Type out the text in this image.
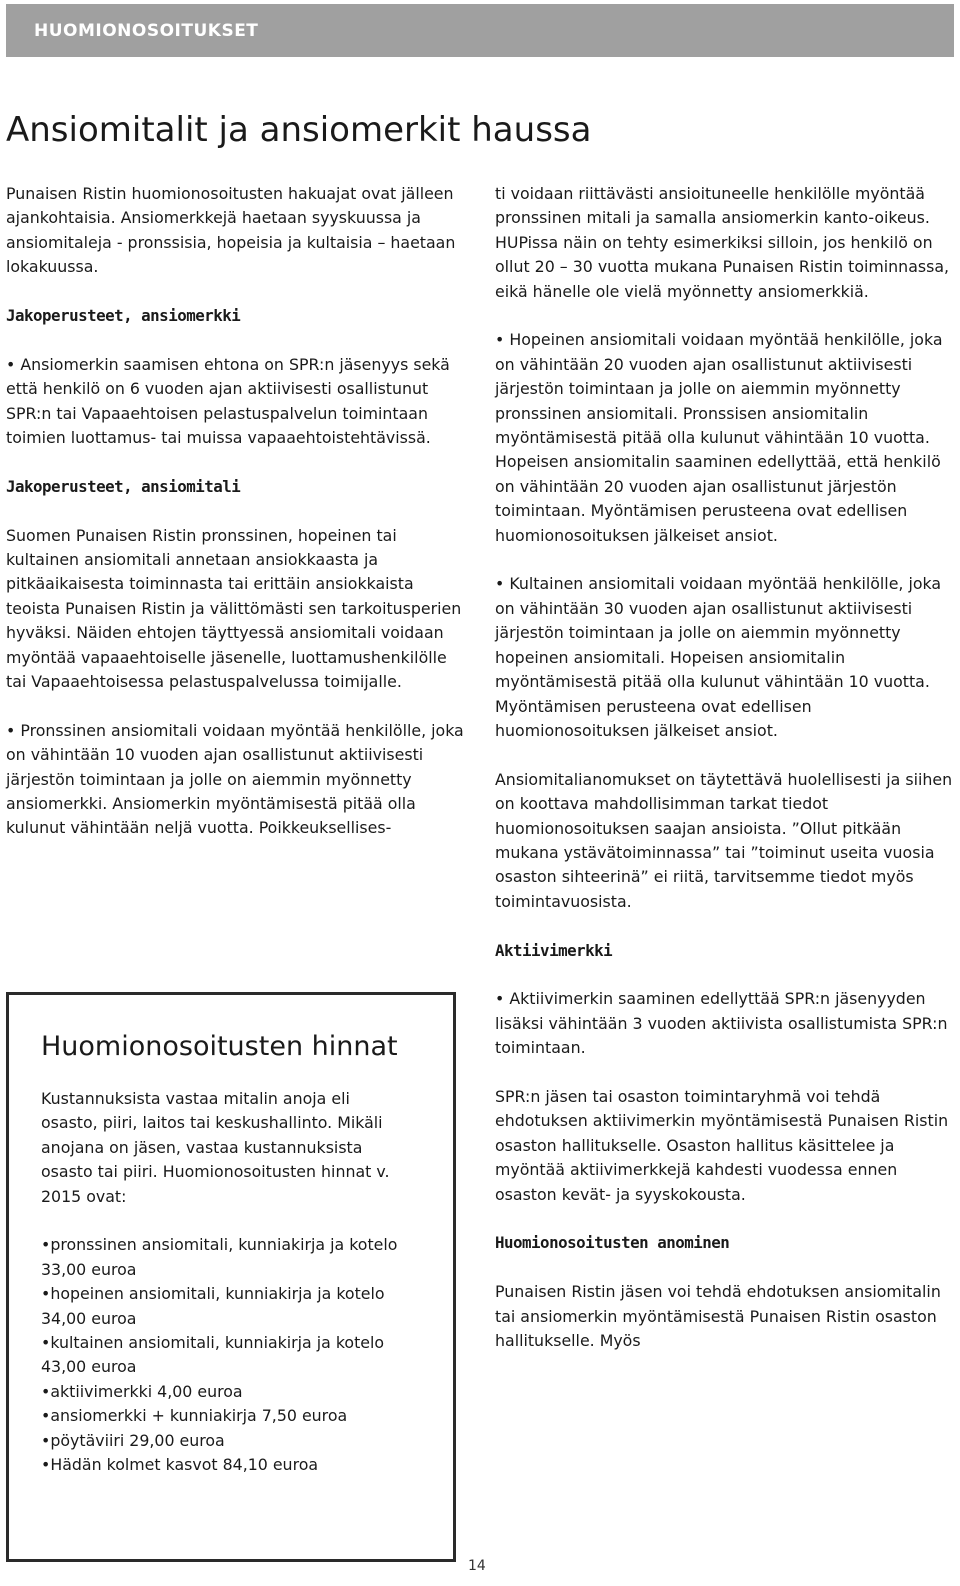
HUOMIONOSOITUKSET
Ansiomitalit ja ansiomerkit haussa

Punaisen Ristin huomionosoitusten hakuajat ovat jälleen ajankohtaisia. Ansiomerkkejä haetaan syyskuussa ja ansiomitaleja - pronssisia, hopeisia ja kultaisia – haetaan lokakuussa.

Jakoperusteet, ansiomerkki

• Ansiomerkin saamisen ehtona on SPR:n jäsenyys sekä että henkilö on 6 vuoden ajan aktiivisesti osallistunut SPR:n tai Vapaaehtoisen pelastuspalvelun toimintaan toimien luottamus- tai muissa vapaaehtoistehtävissä.

Jakoperusteet, ansiomitali

Suomen Punaisen Ristin pronssinen, hopeinen tai kultainen ansiomitali annetaan ansiokkaasta ja pitkäaikaisesta toiminnasta tai erittäin ansiokkaista teoista Punaisen Ristin ja välittömästi sen tarkoitusperien hyväksi. Näiden ehtojen täyttyessä ansiomitali voidaan myöntää vapaaehtoiselle jäsenelle, luottamushenkilölle tai Vapaaehtoisessa pelastuspalvelussa toimijalle.

• Pronssinen ansiomitali voidaan myöntää henkilölle, joka on vähintään 10 vuoden ajan osallistunut aktiivisesti järjestön toimintaan ja jolle on aiemmin myönnetty ansiomerkki. Ansiomerkin myöntämisestä pitää olla kulunut vähintään neljä vuotta. Poikkeuksellises-

Huomionosoitusten hinnat

Kustannuksista vastaa mitalin anoja eli osasto, piiri, laitos tai keskushallinto. Mikäli anojana on jäsen, vastaa kustannuksista osasto tai piiri. Huomionosoitusten hinnat v. 2015 ovat:

• pronssinen ansiomitali, kunniakirja ja kotelo 33,00 euroa
• hopeinen ansiomitali, kunniakirja ja kotelo 34,00 euroa
• kultainen ansiomitali, kunniakirja ja kotelo 43,00 euroa
• aktiivimerkki 4,00 euroa
• ansiomerkki + kunniakirja 7,50 euroa
• pöytäviiri 29,00 euroa
• Hädän kolmet kasvot 84,10 euroa

ti voidaan riittävästi ansioituneelle henkilölle myöntää pronssinen mitali ja samalla ansiomerkin kanto-oikeus. HUPissa näin on tehty esimerkiksi silloin, jos henkilö on ollut 20 – 30 vuotta mukana Punaisen Ristin toiminnassa, eikä hänelle ole vielä myönnetty ansiomerkkiä.

• Hopeinen ansiomitali voidaan myöntää henkilölle, joka on vähintään 20 vuoden ajan osallistunut aktiivisesti järjestön toimintaan ja jolle on aiemmin myönnetty pronssinen ansiomitali. Pronssisen ansiomitalin myöntämisestä pitää olla kulunut vähintään 10 vuotta. Hopeisen ansiomitalin saaminen edellyttää, että henkilö on vähintään 20 vuoden ajan osallistunut järjestön toimintaan. Myöntämisen perusteena ovat edellisen huomionosoituksen jälkeiset ansiot.

• Kultainen ansiomitali voidaan myöntää henkilölle, joka on vähintään 30 vuoden ajan osallistunut aktiivisesti järjestön toimintaan ja jolle on aiemmin myönnetty hopeinen ansiomitali. Hopeisen ansiomitalin myöntämisestä pitää olla kulunut vähintään 10 vuotta. Myöntämisen perusteena ovat edellisen huomionosoituksen jälkeiset ansiot.

Ansiomitalianomukset on täytettävä huolellisesti ja siihen on koottava mahdollisimman tarkat tiedot huomionosoituksen saajan ansioista. ”Ollut pitkään mukana ystävätoiminnassa” tai ”toiminut useita vuosia osaston sihteerinä” ei riitä, tarvitsemme tiedot myös toimintavuosista.

Aktiivimerkki

• Aktiivimerkin saaminen edellyttää SPR:n jäsenyyden lisäksi vähintään 3 vuoden aktiivista osallistumista SPR:n toimintaan.

SPR:n jäsen tai osaston toimintaryhmä voi tehdä ehdotuksen aktiivimerkin myöntämisestä Punaisen Ristin osaston hallitukselle. Osaston hallitus käsittelee ja myöntää aktiivimerkkejä kahdesti vuodessa ennen osaston kevät- ja syyskokousta.

Huomionosoitusten anominen

Punaisen Ristin jäsen voi tehdä ehdotuksen ansiomitalin tai ansiomerkin myöntämisestä Punaisen Ristin osaston hallitukselle. Myös

14
